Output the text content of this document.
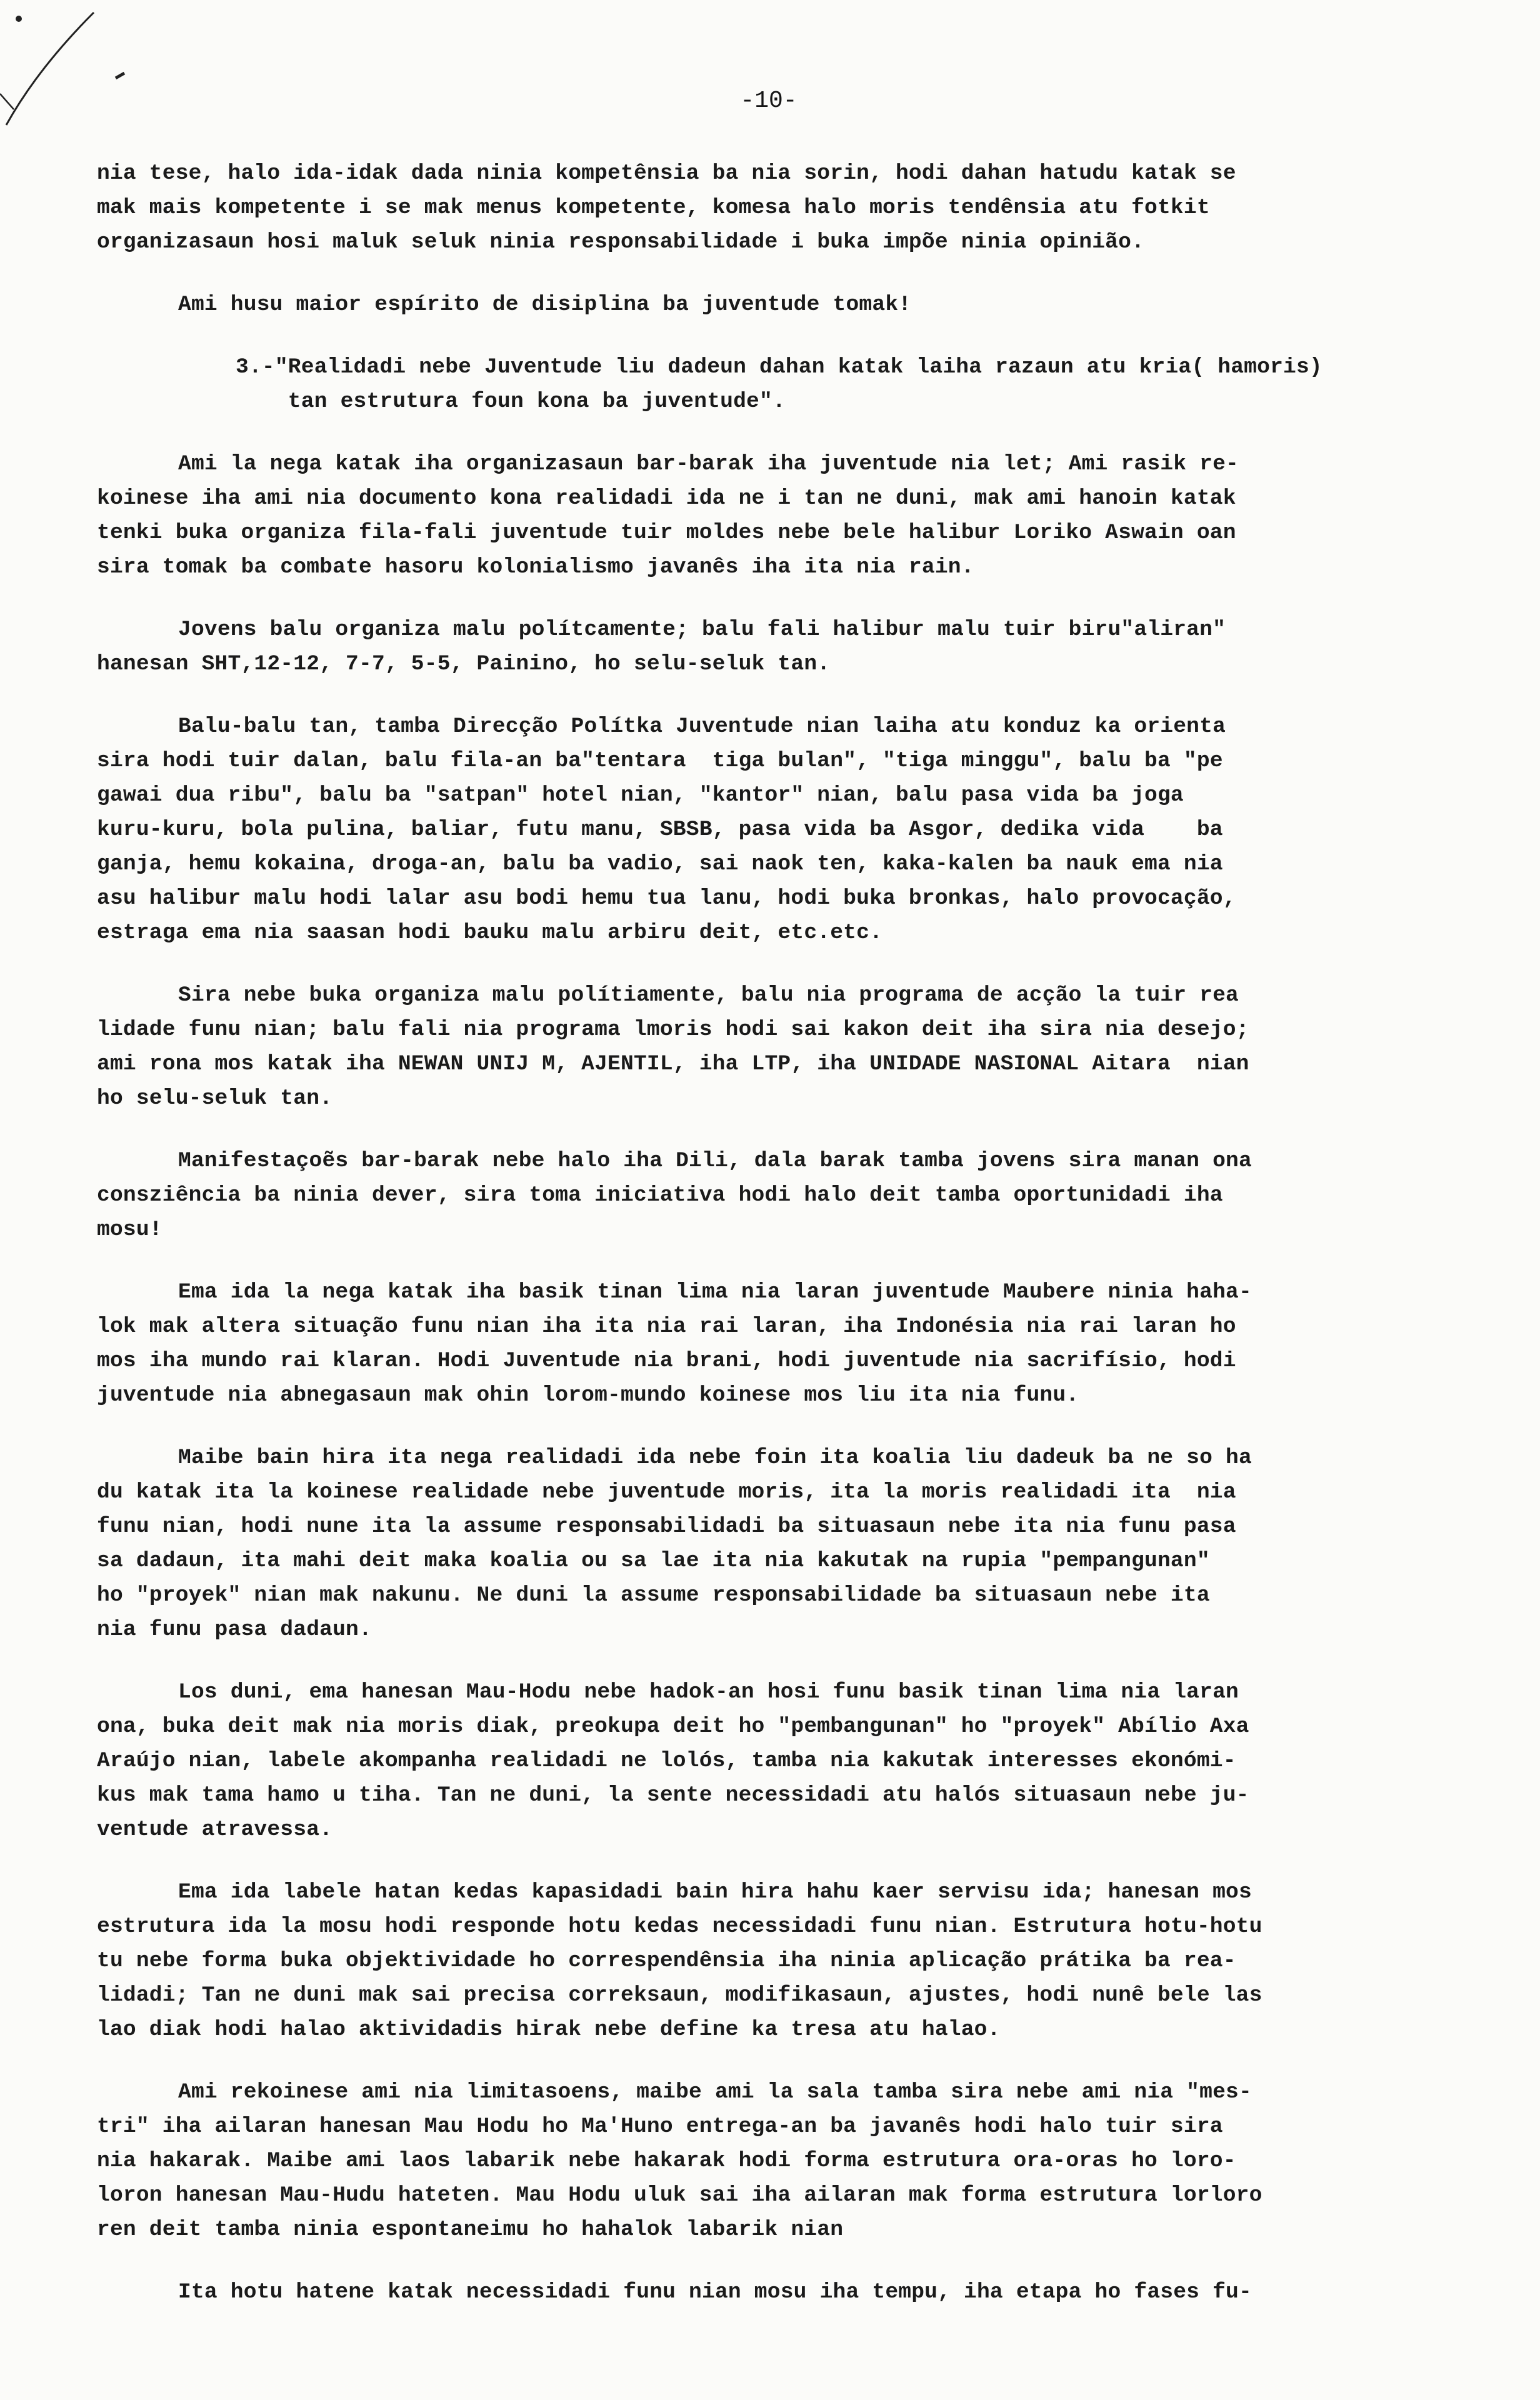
-10-
nia tese, halo ida-idak dada ninia kompetênsia ba nia sorin, hodi dahan hatudu katak se
mak mais kompetente i se mak menus kompetente, komesa halo moris tendênsia atu fotkit
organizasaun hosi maluk seluk ninia responsabilidade i buka impõe ninia opinião.
Ami husu maior espírito de disiplina ba juventude tomak!
3.-"Realidadi nebe Juventude liu dadeun dahan katak laiha razaun atu kria( hamoris)
tan estrutura foun kona ba juventude".
Ami la nega katak iha organizasaun bar-barak iha juventude nia let; Ami rasik re-
koinese iha ami nia documento kona realidadi ida ne i tan ne duni, mak ami hanoin katak
tenki buka organiza fila-fali juventude tuir moldes nebe bele halibur Loriko Aswain oan
sira tomak ba combate hasoru kolonialismo javanês iha ita nia rain.
Jovens balu organiza malu polítcamente; balu fali halibur malu tuir biru"aliran"
hanesan SHT,12-12, 7-7, 5-5, Painino, ho selu-seluk tan.
Balu-balu tan, tamba Direcção Polítka Juventude nian laiha atu konduz ka orienta
sira hodi tuir dalan, balu fila-an ba"tentara  tiga bulan", "tiga minggu", balu ba "pe
gawai dua ribu", balu ba "satpan" hotel nian, "kantor" nian, balu pasa vida ba joga
kuru-kuru, bola pulina, baliar, futu manu, SBSB, pasa vida ba Asgor, dedika vida    ba
ganja, hemu kokaina, droga-an, balu ba vadio, sai naok ten, kaka-kalen ba nauk ema nia
asu halibur malu hodi lalar asu bodi hemu tua lanu, hodi buka bronkas, halo provocação,
estraga ema nia saasan hodi bauku malu arbiru deit, etc.etc.
Sira nebe buka organiza malu polítiamente, balu nia programa de acção la tuir rea
lidade funu nian; balu fali nia programa lmoris hodi sai kakon deit iha sira nia desejo;
ami rona mos katak iha NEWAN UNIJ M, AJENTIL, iha LTP, iha UNIDADE NASIONAL Aitara  nian
ho selu-seluk tan.
Manifestaçoẽs bar-barak nebe halo iha Dili, dala barak tamba jovens sira manan ona
consziência ba ninia dever, sira toma iniciativa hodi halo deit tamba oportunidadi iha
mosu!
Ema ida la nega katak iha basik tinan lima nia laran juventude Maubere ninia haha-
lok mak altera situação funu nian iha ita nia rai laran, iha Indonésia nia rai laran ho
mos iha mundo rai klaran. Hodi Juventude nia brani, hodi juventude nia sacrifísio, hodi
juventude nia abnegasaun mak ohin lorom-mundo koinese mos liu ita nia funu.
Maibe bain hira ita nega realidadi ida nebe foin ita koalia liu dadeuk ba ne so ha
du katak ita la koinese realidade nebe juventude moris, ita la moris realidadi ita  nia
funu nian, hodi nune ita la assume responsabilidadi ba situasaun nebe ita nia funu pasa
sa dadaun, ita mahi deit maka koalia ou sa lae ita nia kakutak na rupia "pempangunan"
ho "proyek" nian mak nakunu. Ne duni la assume responsabilidade ba situasaun nebe ita
nia funu pasa dadaun.
Los duni, ema hanesan Mau-Hodu nebe hadok-an hosi funu basik tinan lima nia laran
ona, buka deit mak nia moris diak, preokupa deit ho "pembangunan" ho "proyek" Abílio Axa
Araújo nian, labele akompanha realidadi ne lolós, tamba nia kakutak interesses ekonómi-
kus mak tama hamo u tiha. Tan ne duni, la sente necessidadi atu halós situasaun nebe ju-
ventude atravessa.
Ema ida labele hatan kedas kapasidadi bain hira hahu kaer servisu ida; hanesan mos
estrutura ida la mosu hodi responde hotu kedas necessidadi funu nian. Estrutura hotu-hotu
tu nebe forma buka objektividade ho correspendênsia iha ninia aplicação prátika ba rea-
lidadi; Tan ne duni mak sai precisa correksaun, modifikasaun, ajustes, hodi nunê bele las
lao diak hodi halao aktividadis hirak nebe define ka tresa atu halao.
Ami rekoinese ami nia limitasoens, maibe ami la sala tamba sira nebe ami nia "mes-
tri" iha ailaran hanesan Mau Hodu ho Ma'Huno entrega-an ba javanês hodi halo tuir sira
nia hakarak. Maibe ami laos labarik nebe hakarak hodi forma estrutura ora-oras ho loro-
loron hanesan Mau-Hudu hateten. Mau Hodu uluk sai iha ailaran mak forma estrutura lorloro
ren deit tamba ninia espontaneimu ho hahalok labarik nian
Ita hotu hatene katak necessidadi funu nian mosu iha tempu, iha etapa ho fases fu-
